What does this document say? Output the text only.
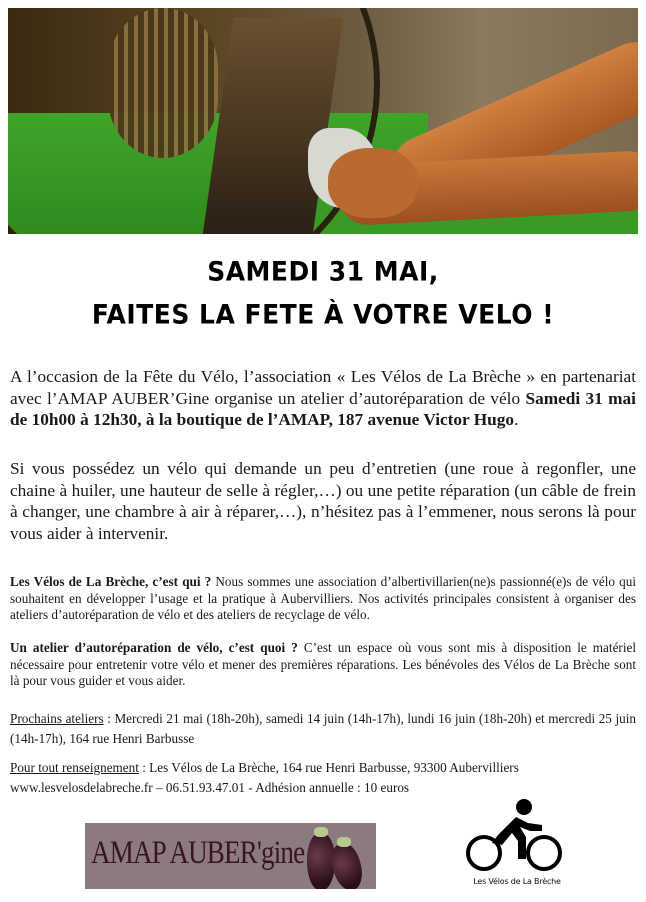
SAMEDI 31 MAI,
FAITES LA FETE À VOTRE VELO !
A l’occasion de la Fête du Vélo, l’association « Les Vélos de La Brèche » en partenariat avec l’AMAP AUBER’Gine organise un atelier d’autoréparation de vélo Samedi 31 mai de 10h00 à 12h30, à la boutique de l’AMAP, 187 avenue Victor Hugo.
Si vous possédez un vélo qui demande un peu d’entretien (une roue à regonfler, une chaine à huiler, une hauteur de selle à régler,…) ou une petite réparation (un câble de frein à changer, une chambre à air à réparer,…), n’hésitez pas à l’emmener, nous serons là pour vous aider à intervenir.
Les Vélos de La Brèche, c’est qui ? Nous sommes une association d’albertivillarien(ne)s passionné(e)s de vélo qui souhaitent en développer l’usage et la pratique à Aubervilliers. Nos activités principales consistent à organiser des ateliers d’autoréparation de vélo et des ateliers de recyclage de vélo.
Un atelier d’autoréparation de vélo, c’est quoi ? C’est un espace où vous sont mis à disposition le matériel nécessaire pour entretenir votre vélo et mener des premières réparations. Les bénévoles des Vélos de La Brèche sont là pour vous guider et vous aider.
Prochains ateliers : Mercredi 21 mai (18h-20h), samedi 14 juin (14h-17h), lundi 16 juin (18h-20h) et mercredi 25 juin (14h-17h), 164 rue Henri Barbusse
Pour tout renseignement : Les Vélos de La Brèche, 164 rue Henri Barbusse, 93300 Aubervilliers
www.lesvelosdelabreche.fr – 06.51.93.47.01 - Adhésion annuelle : 10 euros
AMAP AUBER'gine
Les Vélos de La Brèche
